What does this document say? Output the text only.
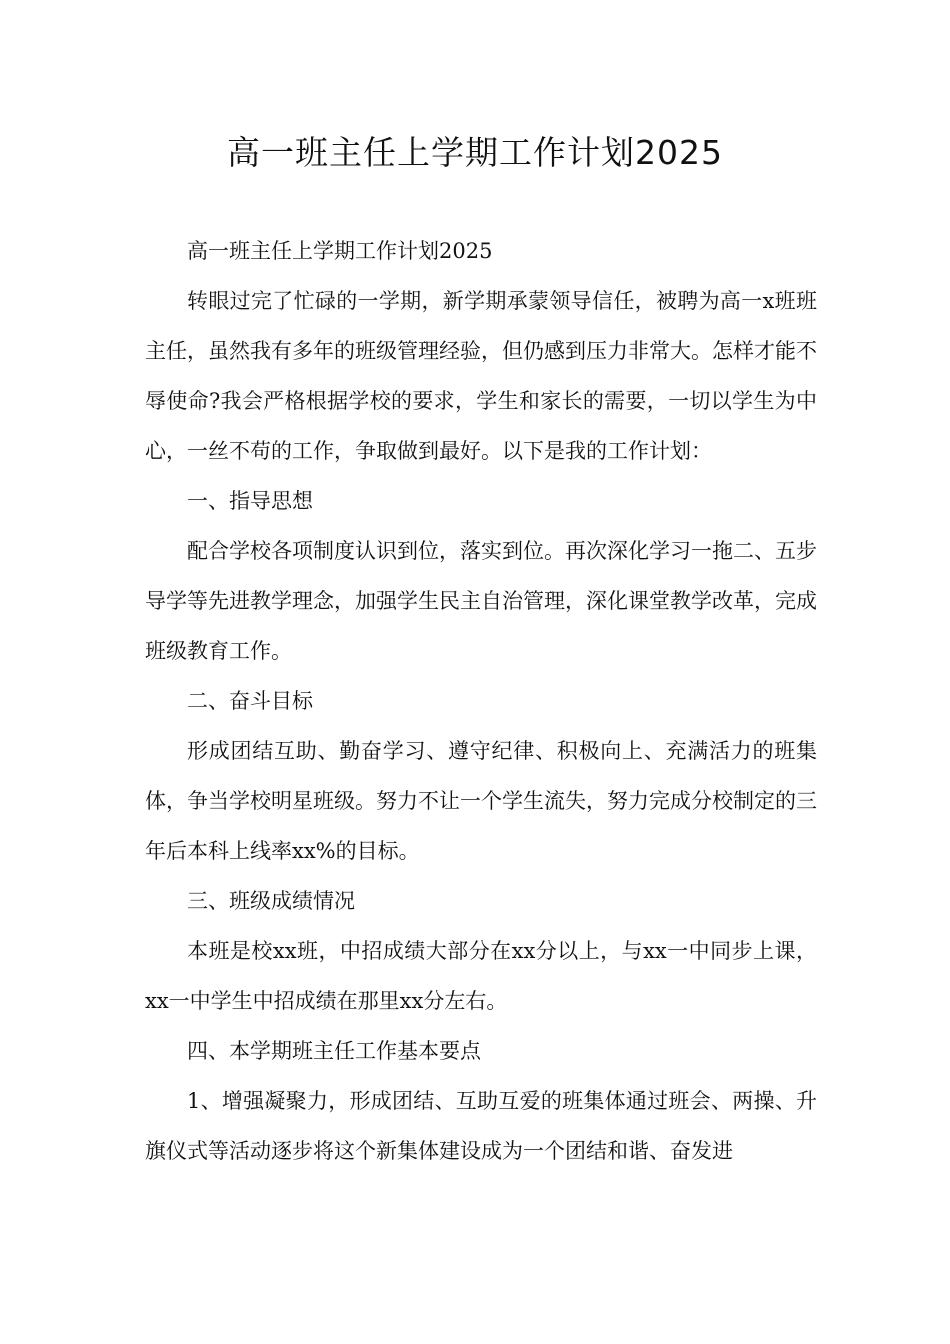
高一班主任上学期工作计划2025

高一班主任上学期工作计划2025

转眼过完了忙碌的一学期，新学期承蒙领导信任，被聘为高一x班班主任，虽然我有多年的班级管理经验，但仍感到压力非常大。怎样才能不辱使命?我会严格根据学校的要求，学生和家长的需要，一切以学生为中心，一丝不苟的工作，争取做到最好。以下是我的工作计划：

一、指导思想

配合学校各项制度认识到位，落实到位。再次深化学习一拖二、五步导学等先进教学理念，加强学生民主自治管理，深化课堂教学改革，完成班级教育工作。

二、奋斗目标

形成团结互助、勤奋学习、遵守纪律、积极向上、充满活力的班集体，争当学校明星班级。努力不让一个学生流失，努力完成分校制定的三年后本科上线率xx%的目标。

三、班级成绩情况

本班是校xx班，中招成绩大部分在xx分以上，与xx一中同步上课，xx一中学生中招成绩在那里xx分左右。

四、本学期班主任工作基本要点

1、增强凝聚力，形成团结、互助互爱的班集体通过班会、两操、升旗仪式等活动逐步将这个新集体建设成为一个团结和谐、奋发进
